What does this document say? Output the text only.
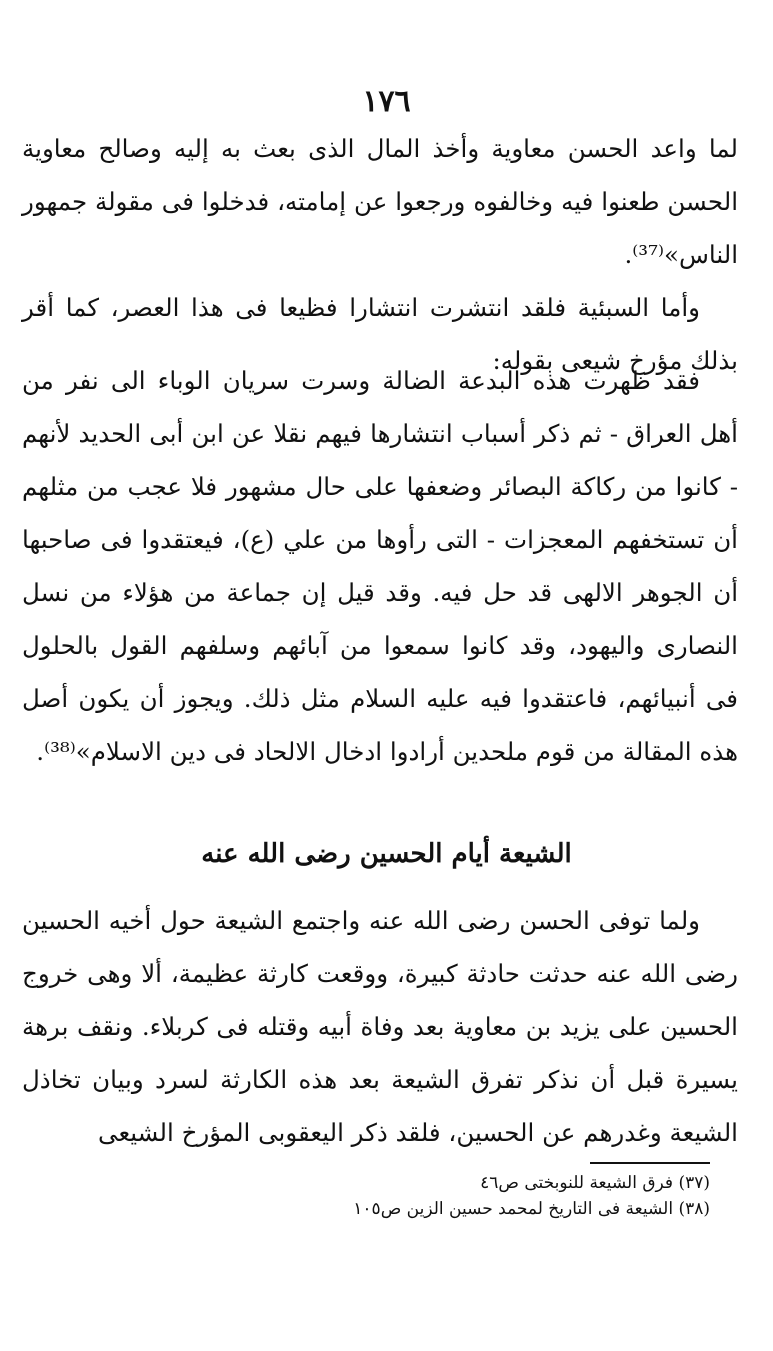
١٧٦

لما واعد الحسن معاوية وأخذ المال الذى بعث به إليه وصالح معاوية الحسن طعنوا فيه وخالفوه ورجعوا عن إمامته، فدخلوا فى مقولة جمهور الناس»⁽³⁷⁾.

وأما السبئية فلقد انتشرت انتشارا فظيعا فى هذا العصر، كما أقر بذلك مؤرخ شيعى بقوله:

فقد ظهرت هذه البدعة الضالة وسرت سريان الوباء الى نفر من أهل العراق - ثم ذكر أسباب انتشارها فيهم نقلا عن ابن أبى الحديد لأنهم - كانوا من ركاكة البصائر وضعفها على حال مشهور فلا عجب من مثلهم أن تستخفهم المعجزات - التى رأوها من علي (ع)، فيعتقدوا فى صاحبها أن الجوهر الالهى قد حل فيه. وقد قيل إن جماعة من هؤلاء من نسل النصارى واليهود، وقد كانوا سمعوا من آبائهم وسلفهم القول بالحلول فى أنبيائهم، فاعتقدوا فيه عليه السلام مثل ذلك. ويجوز أن يكون أصل هذه المقالة من قوم ملحدين أرادوا ادخال الالحاد فى دين الاسلام»⁽³⁸⁾.

الشيعة أيام الحسين رضى الله عنه

ولما توفى الحسن رضى الله عنه واجتمع الشيعة حول أخيه الحسين رضى الله عنه حدثت حادثة كبيرة، ووقعت كارثة عظيمة، ألا وهى خروج الحسين على يزيد بن معاوية بعد وفاة أبيه وقتله فى كربلاء. ونقف برهة يسيرة قبل أن نذكر تفرق الشيعة بعد هذه الكارثة لسرد وبيان تخاذل الشيعة وغدرهم عن الحسين، فلقد ذكر اليعقوبى المؤرخ الشيعى

(٣٧) فرق الشيعة للنوبختى ص٤٦
(٣٨) الشيعة فى التاريخ لمحمد حسين الزين ص١٠٥
